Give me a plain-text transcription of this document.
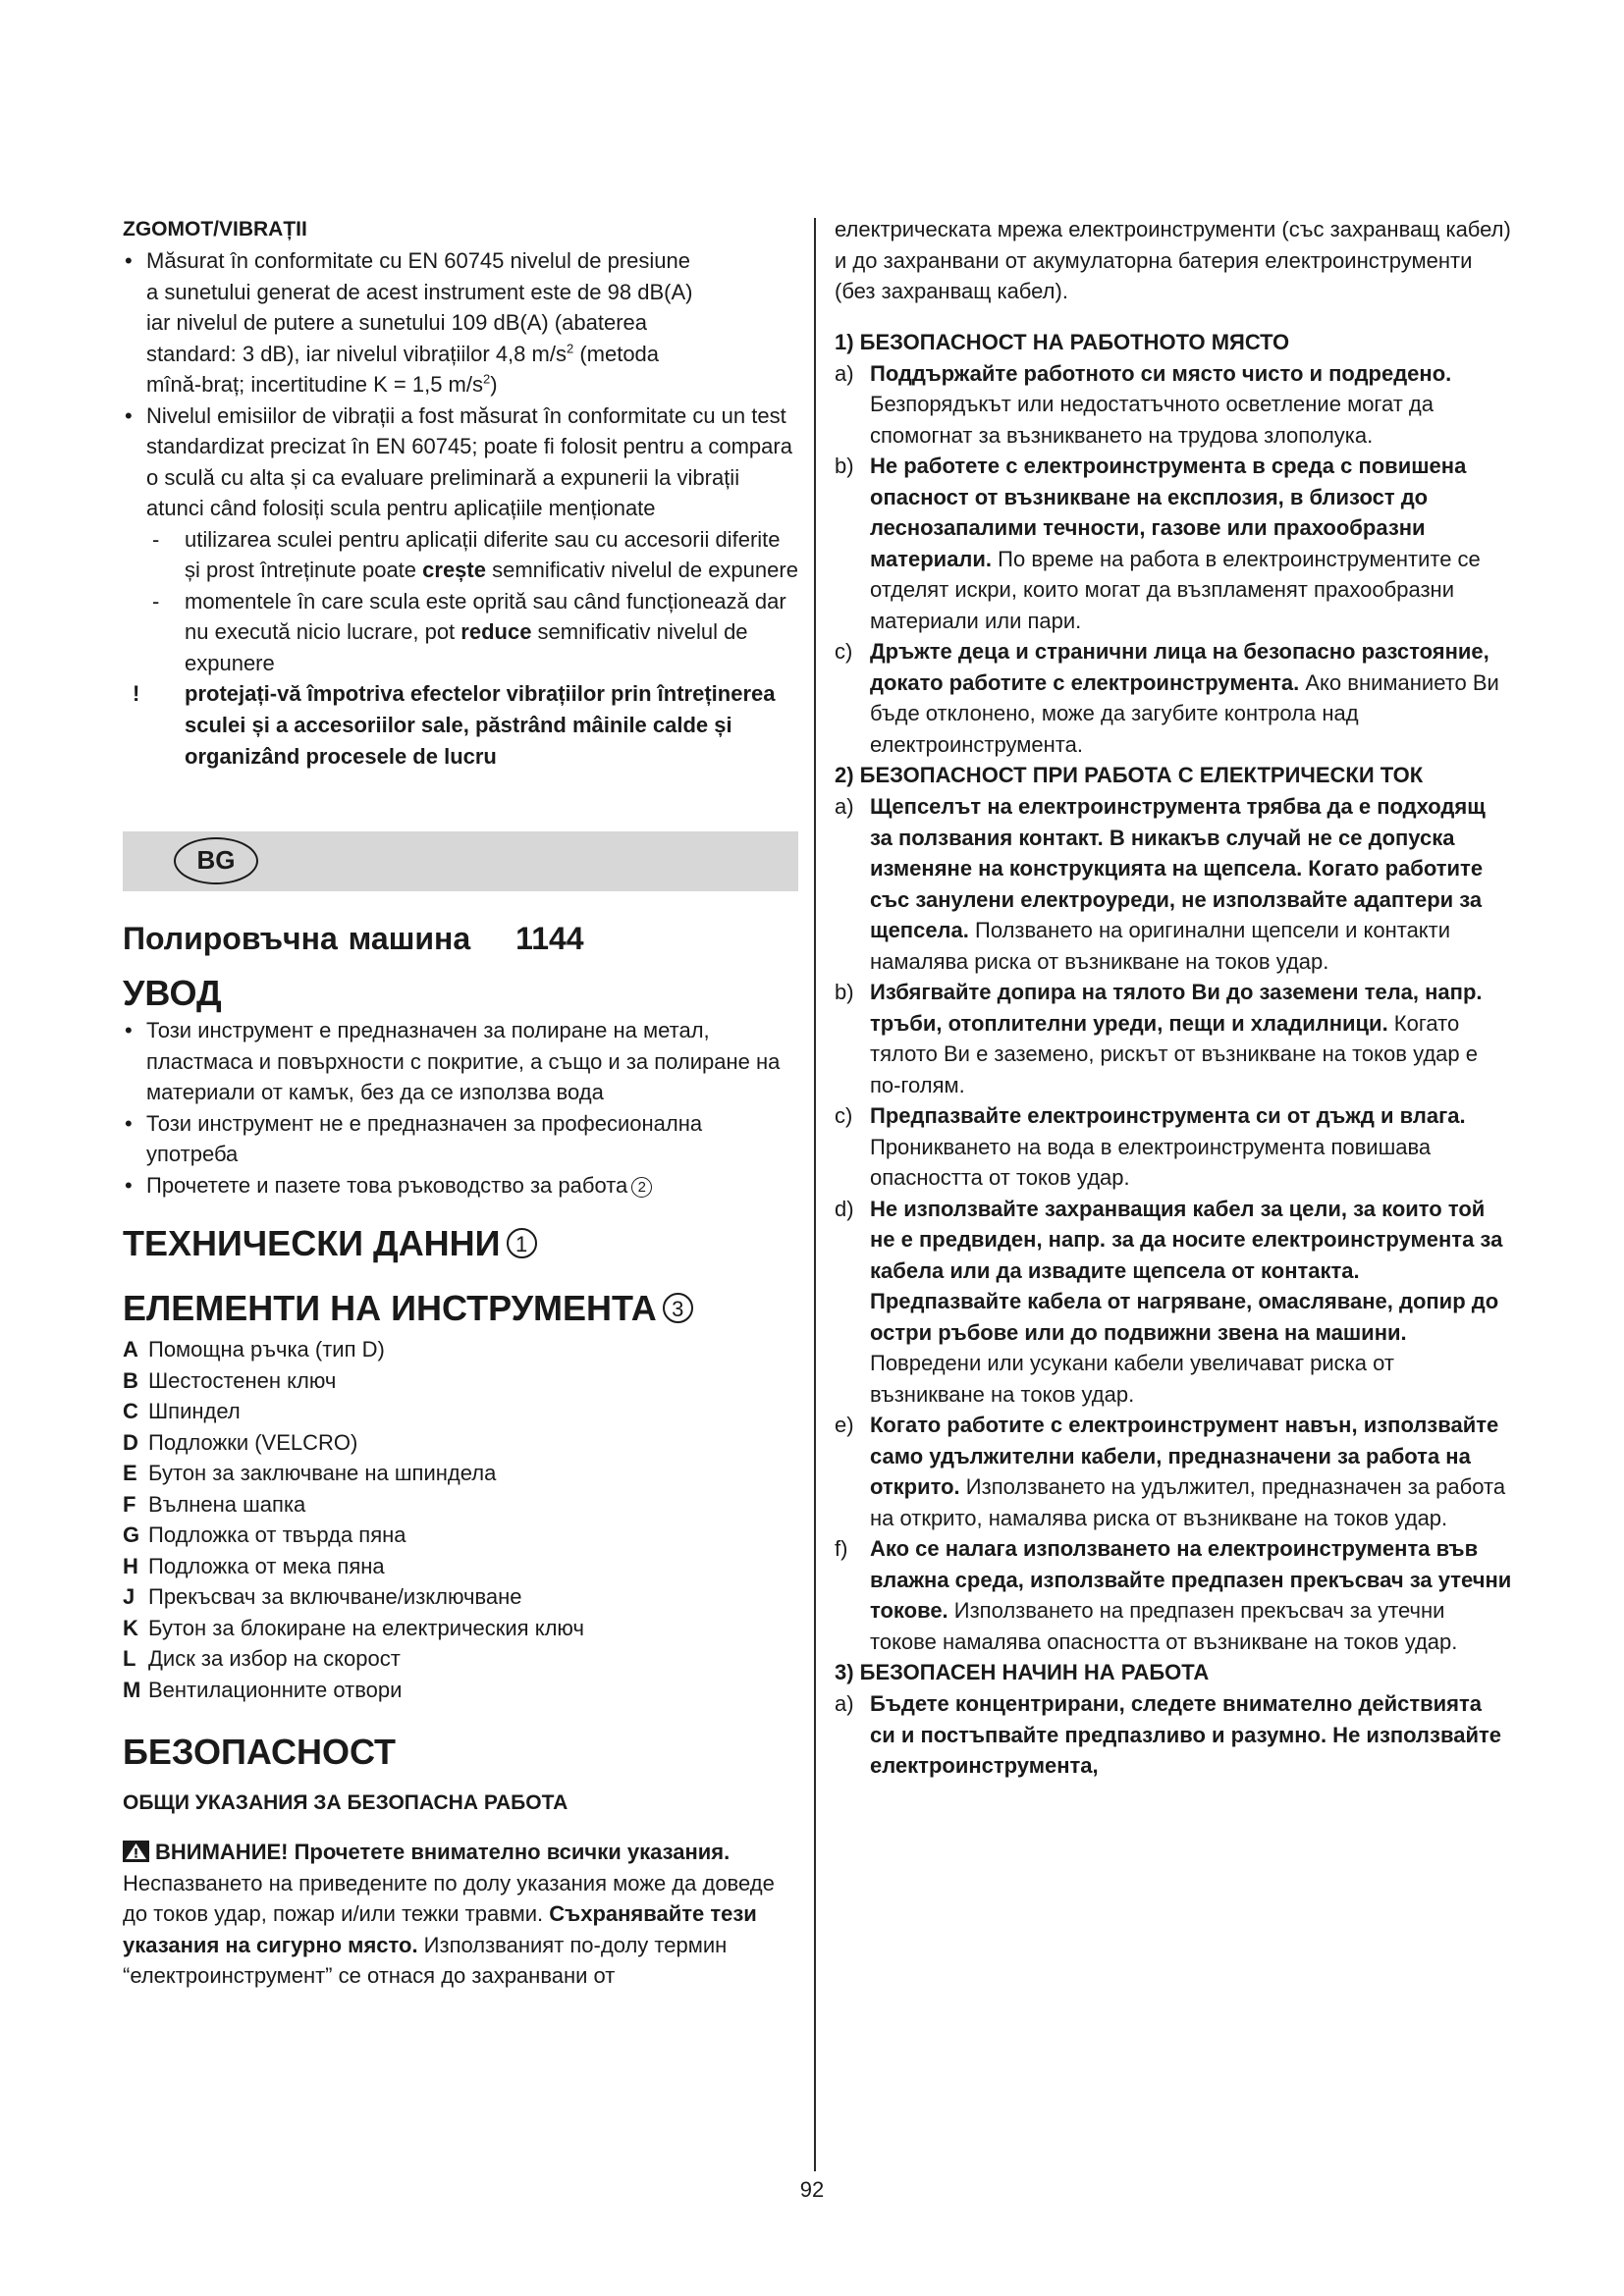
ZGOMOT/VIBRAȚII
• Măsurat în conformitate cu EN 60745 nivelul de presiune
a sunetului generat de acest instrument este de 98 dB(A)
iar nivelul de putere a sunetului 109 dB(A) (abaterea
standard: 3 dB), iar nivelul vibrațiilor 4,8 $m/s^2$ (metoda
mînă-braț; incertitudine K = 1,5 $m/s^2$)
• Nivelul emisiilor de vibrații a fost măsurat în conformitate cu un test standardizat precizat în EN 60745; poate fi folosit pentru a compara o sculă cu alta și ca evaluare preliminară a expunerii la vibrații atunci când folosiți scula pentru aplicațiile menționate
- utilizarea sculei pentru aplicații diferite sau cu accesorii diferite și prost întreținute poate crește semnificativ nivelul de expunere
- momentele în care scula este oprită sau când funcționează dar nu execută nicio lucrare, pot reduce semnificativ nivelul de expunere
! protejați-vă împotriva efectelor vibrațiilor prin întreținerea sculei și a accesoriilor sale, păstrând mâinile calde și organizând procesele de lucru
BG
Полировъчна машина 1144
УВОД
• Този инструмент е предназначен за полиране на метал, пластмаса и повърхности с покритие, а също и за полиране на материали от камък, без да се използва вода
• Този инструмент не е предназначен за професионална употреба
• Прочетете и пазете това ръководство за работа 2
ТЕХНИЧЕСКИ ДАННИ 1
ЕЛЕМЕНТИ НА ИНСТРУМЕНТА 3
A Помощна ръчка (тип D)
B Шестостенен ключ
C Шпиндел
D Подложки (VELCRO)
E Бутон за заключване на шпиндела
F Вълнена шапка
G Подложка от твърда пяна
H Подложка от мека пяна
J Прекъсвач за включване/изключване
K Бутон за блокиране на електрическия ключ
L Диск за избор на скорост
M Вентилационните отвори
БЕЗОПАСНОСТ
ОБЩИ УКАЗАНИЯ ЗА БЕЗОПАСНА РАБОТА
ВНИМАНИЕ! Прочетете внимателно всички указания. Неспазването на приведените по долу указания може да доведе до токов удар, пожар и/или тежки травми. Съхранявайте тези указания на сигурно място. Използваният по-долу термин “електроинструмент” се отнася до захранвани от
електрическата мрежа електроинструменти (със захранващ кабел) и до захранвани от акумулаторна батерия електроинструменти (без захранващ кабел).
1) БЕЗОПАСНОСТ НА РАБОТНОТО МЯСТО
a) Поддържайте работното си място чисто и подредено. Безпорядъкът или недостатъчното осветление могат да спомогнат за възникването на трудова злополука.
b) Не работете с електроинструмента в среда с повишена опасност от възникване на експлозия, в близост до леснозапалими течности, газове или прахообразни материали. По време на работа в електроинструментите се отделят искри, които могат да възпламенят прахообразни материали или пари.
c) Дръжте деца и странични лица на безопасно разстояние, докато работите с електроинструмента. Ако вниманието Ви бъде отклонено, може да загубите контрола над електроинструмента.
2) БЕЗОПАСНОСТ ПРИ РАБОТА С ЕЛЕКТРИЧЕСКИ ТОК
a) Щепселът на електроинструмента трябва да е подходящ за ползвания контакт. В никакъв случай не се допуска изменяне на конструкцията на щепсела. Когато работите със занулени електроуреди, не използвайте адаптери за щепсела. Ползването на оригинални щепсели и контакти намалява риска от възникване на токов удар.
b) Избягвайте допира на тялото Ви до заземени тела, напр. тръби, отоплителни уреди, пещи и хладилници. Когато тялото Ви е заземено, рискът от възникване на токов удар е по-голям.
c) Предпазвайте електроинструмента си от дъжд и влага. Проникването на вода в електроинструмента повишава опасността от токов удар.
d) Не използвайте захранващия кабел за цели, за които той не е предвиден, напр. за да носите електроинструмента за кабела или да извадите щепсела от контакта. Предпазвайте кабела от нагряване, омасляване, допир до остри ръбове или до подвижни звена на машини. Повредени или усукани кабели увеличават риска от възникване на токов удар.
e) Когато работите с електроинструмент навън, използвайте само удължителни кабели, предназначени за работа на открито. Използването на удължител, предназначен за работа на открито, намалява риска от възникване на токов удар.
f) Ако се налага използването на електроинструмента във влажна среда, използвайте предпазен прекъсвач за утечни токове. Използването на предпазен прекъсвач за утечни токове намалява опасността от възникване на токов удар.
3) БЕЗОПАСЕН НАЧИН НА РАБОТА
a) Бъдете концентрирани, следете внимателно действията си и постъпвайте предпазливо и разумно. Не използвайте електроинструмента,
92
